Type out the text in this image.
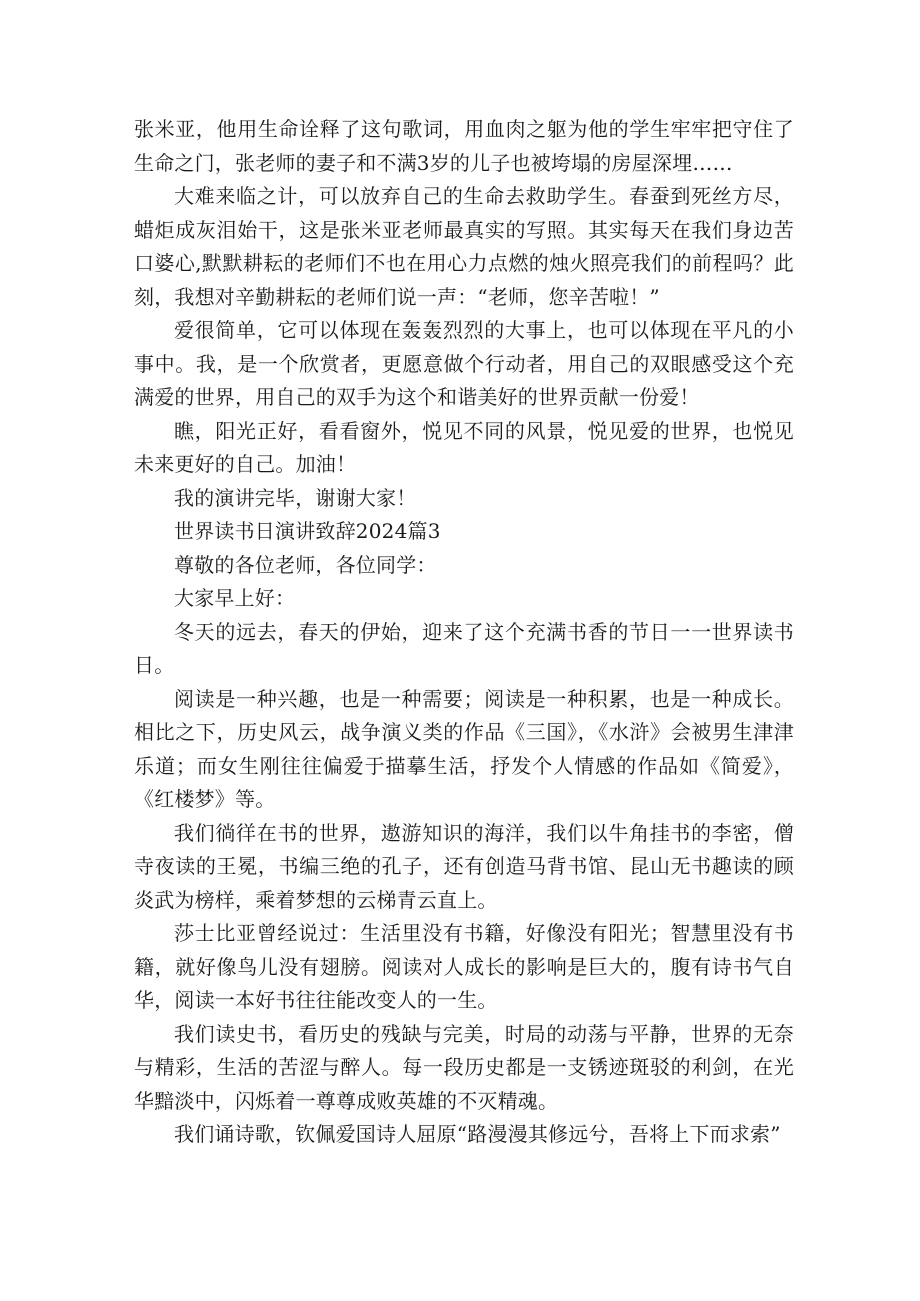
张米亚，他用生命诠释了这句歌词，用血肉之躯为他的学生牢牢把守住了生命之门，张老师的妻子和不满3岁的儿子也被垮塌的房屋深埋……

大难来临之计，可以放弃自己的生命去救助学生。春蚕到死丝方尽，蜡炬成灰泪始干，这是张米亚老师最真实的写照。其实每天在我们身边苦口婆心,默默耕耘的老师们不也在用心力点燃的烛火照亮我们的前程吗？此刻，我想对辛勤耕耘的老师们说一声：“老师，您辛苦啦！”

爱很简单，它可以体现在轰轰烈烈的大事上，也可以体现在平凡的小事中。我，是一个欣赏者，更愿意做个行动者，用自己的双眼感受这个充满爱的世界，用自己的双手为这个和谐美好的世界贡献一份爱！

瞧，阳光正好，看看窗外，悦见不同的风景，悦见爱的世界，也悦见未来更好的自己。加油！

我的演讲完毕，谢谢大家！

世界读书日演讲致辞2024篇3

尊敬的各位老师，各位同学：

大家早上好：

冬天的远去，春天的伊始，迎来了这个充满书香的节日一一世界读书日。

阅读是一种兴趣，也是一种需要；阅读是一种积累，也是一种成长。相比之下，历史风云，战争演义类的作品《三国》，《水浒》会被男生津津乐道；而女生刚往往偏爱于描摹生活，抒发个人情感的作品如《简爱》，《红楼梦》等。

我们徜徉在书的世界，遨游知识的海洋，我们以牛角挂书的李密，僧寺夜读的王冕，书编三绝的孔子，还有创造马背书馆、昆山无书趣读的顾炎武为榜样，乘着梦想的云梯青云直上。

莎士比亚曾经说过：生活里没有书籍，好像没有阳光；智慧里没有书籍，就好像鸟儿没有翅膀。阅读对人成长的影响是巨大的，腹有诗书气自华，阅读一本好书往往能改变人的一生。

我们读史书，看历史的残缺与完美，时局的动荡与平静，世界的无奈与精彩，生活的苦涩与醉人。每一段历史都是一支锈迹斑驳的利剑，在光华黯淡中，闪烁着一尊尊成败英雄的不灭精魂。

我们诵诗歌，钦佩爱国诗人屈原“路漫漫其修远兮，吾将上下而求索”
